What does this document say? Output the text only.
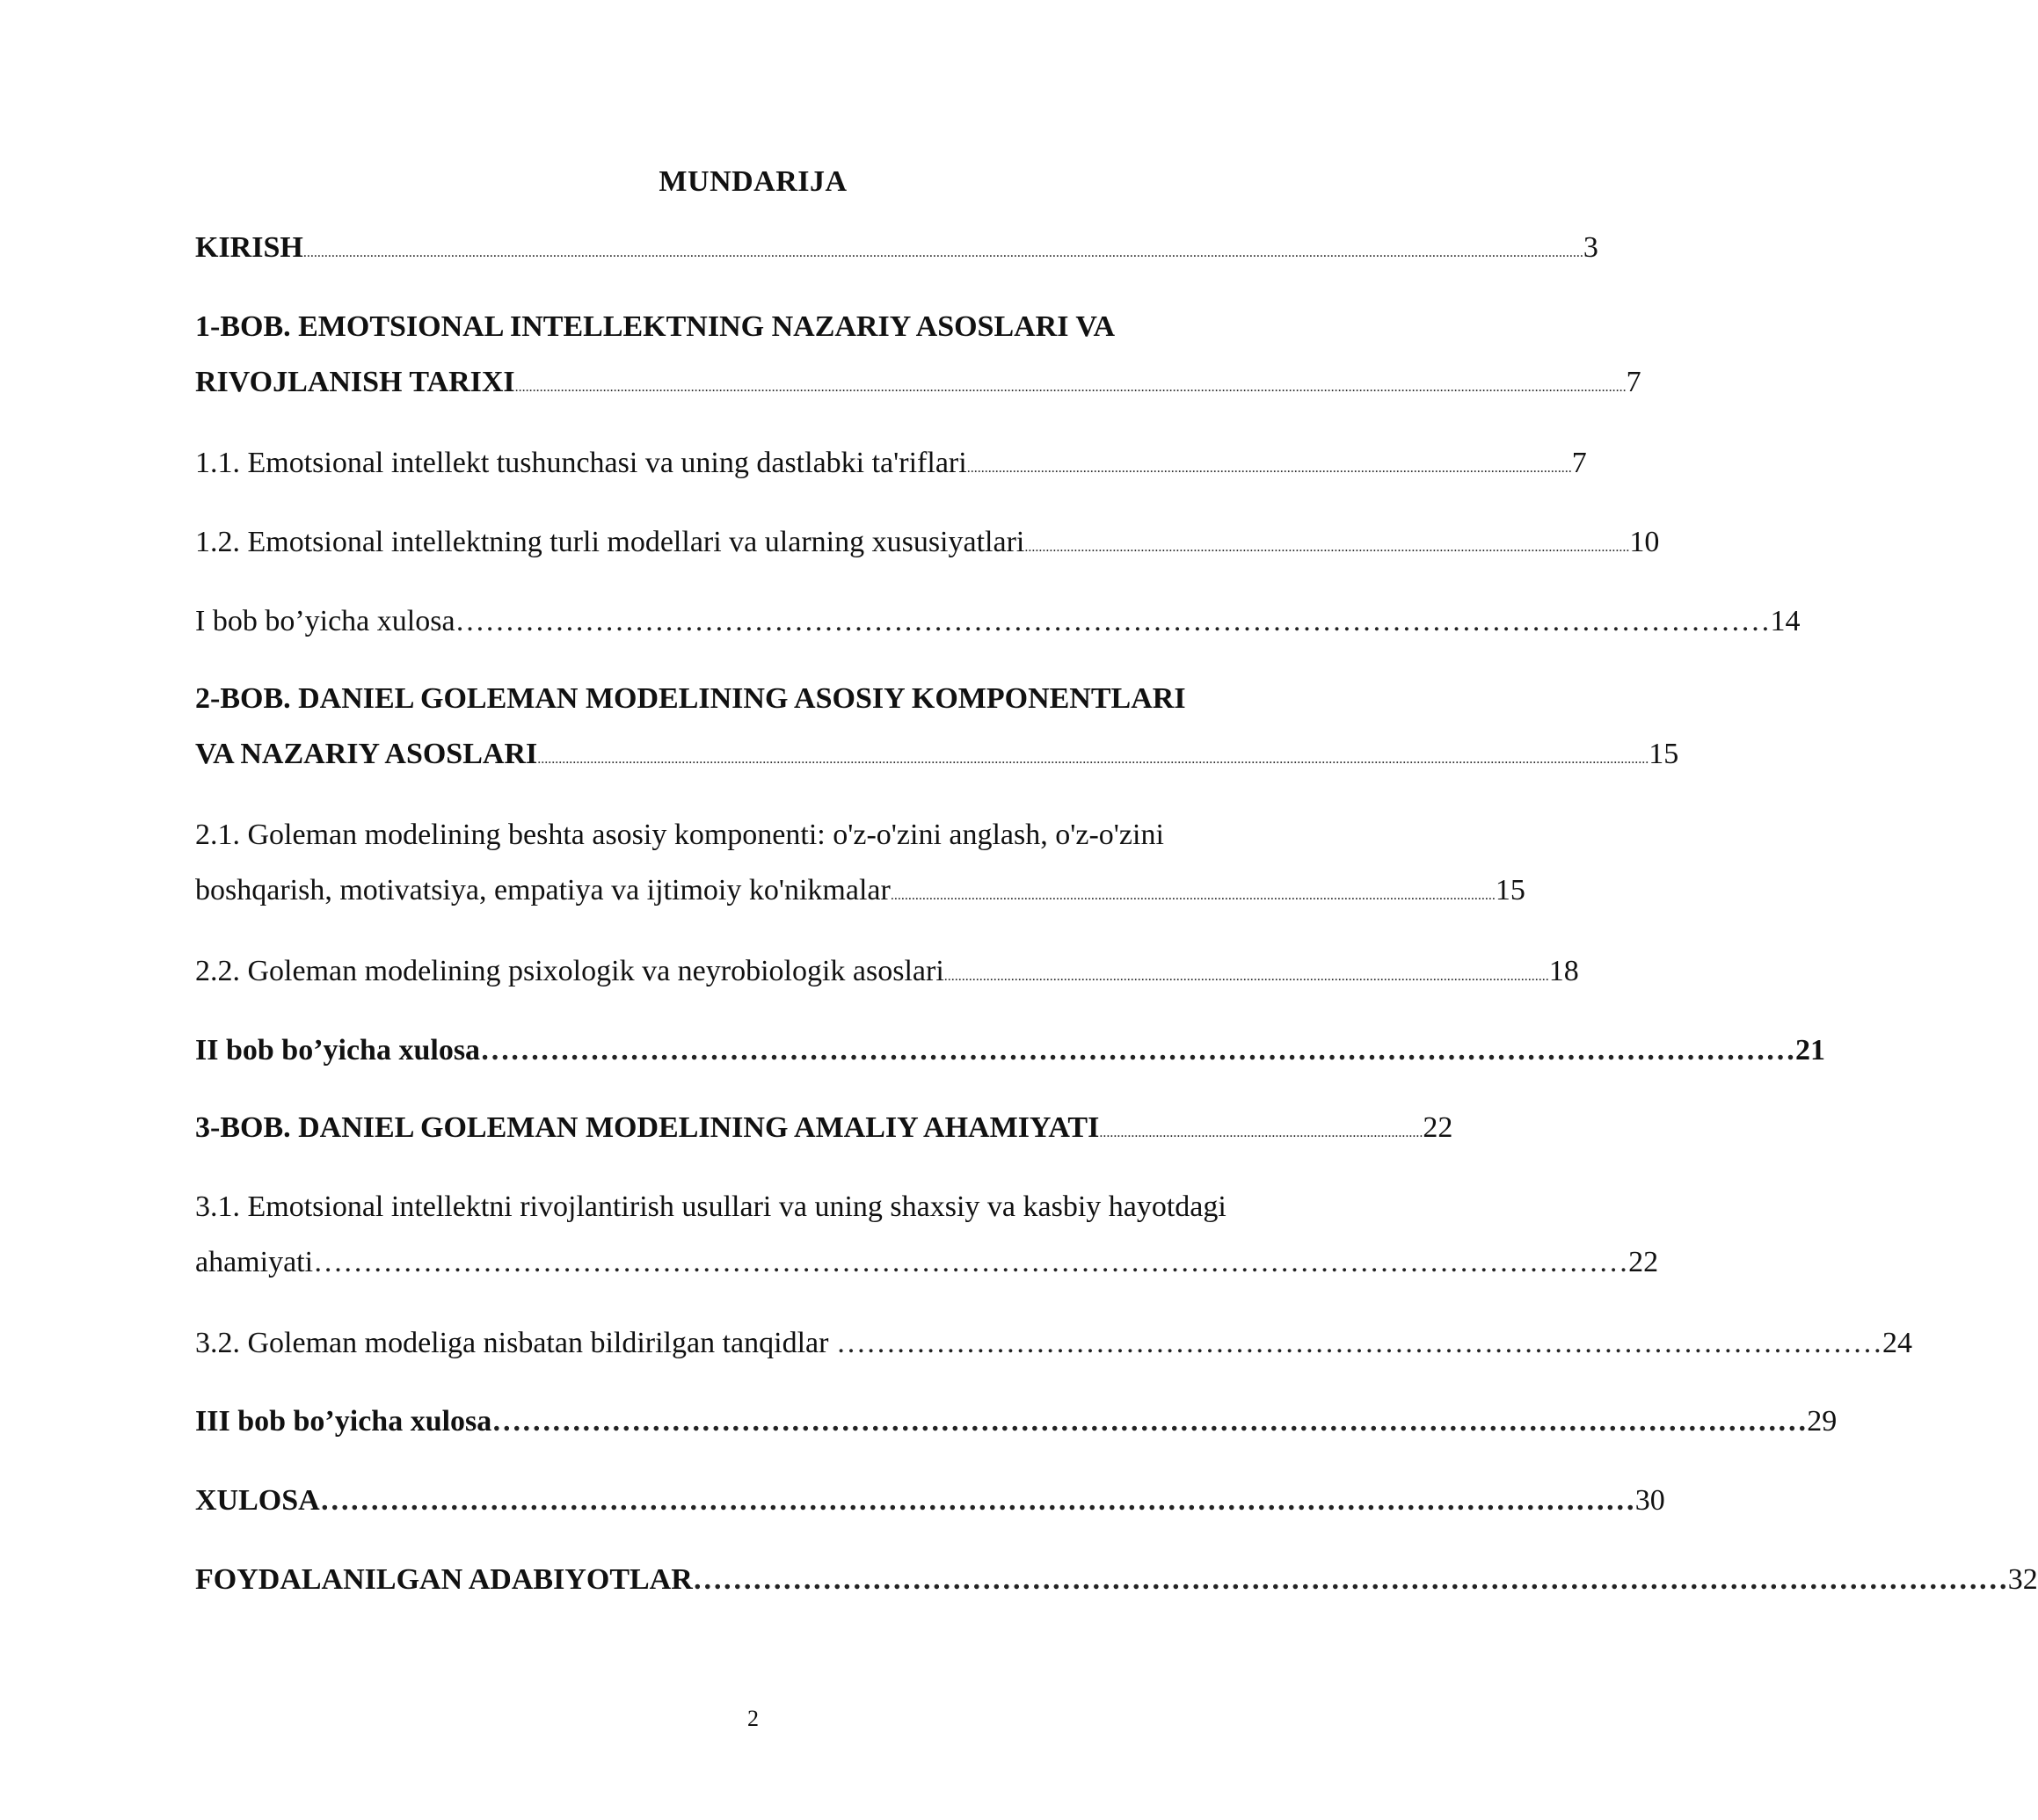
MUNDARIJA
KIRISH ............................................................................................................................................................................................................................................................................................................................................................................ 3
1-BOB. EMOTSIONAL INTELLEKTNING NAZARIY ASOSLARI VA
RIVOJLANISH TARIXI ............................................................................................................................................................................................................................................................................................................................ 7
1.1. Emotsional intellekt tushunchasi va uning dastlabki ta'riflari ............................................................................................................................................................................ 7
1.2. Emotsional intellektning turli modellari va ularning xususiyatlari ............................................................................................................................................................................ 10
I bob bo’yicha xulosa …………………………………………………………………………………………………………………… 14
2-BOB. DANIEL GOLEMAN MODELINING ASOSIY KOMPONENTLARI
VA NAZARIY ASOSLARI ............................................................................................................................................................................................................................................................................................................................ 15
2.1. Goleman modelining beshta asosiy komponenti: o'z-o'zini anglash, o'z-o'zini
boshqarish, motivatsiya, empatiya va ijtimoiy ko'nikmalar ............................................................................................................................................................................ 15
2.2. Goleman modelining psixologik va neyrobiologik asoslari ............................................................................................................................................................................ 18
II bob bo’yicha xulosa …………………………………………………………………………………………………………………… 21
3-BOB. DANIEL GOLEMAN MODELINING AMALIY AHAMIYATI ............................................................................................ 22
3.1. Emotsional intellektni rivojlantirish usullari va uning shaxsiy va kasbiy hayotdagi
ahamiyati …………………………………………………………………………………………………………………… 22
3.2. Goleman modeliga nisbatan bildirilgan tanqidlar …………………………………………………………………………………………… 24
III bob bo’yicha xulosa …………………………………………………………………………………………………………………… 29
XULOSA …………………………………………………………………………………………………………………… 30
FOYDALANILGAN ADABIYOTLAR …………………………………………………………………………………………………………………… 32
2
